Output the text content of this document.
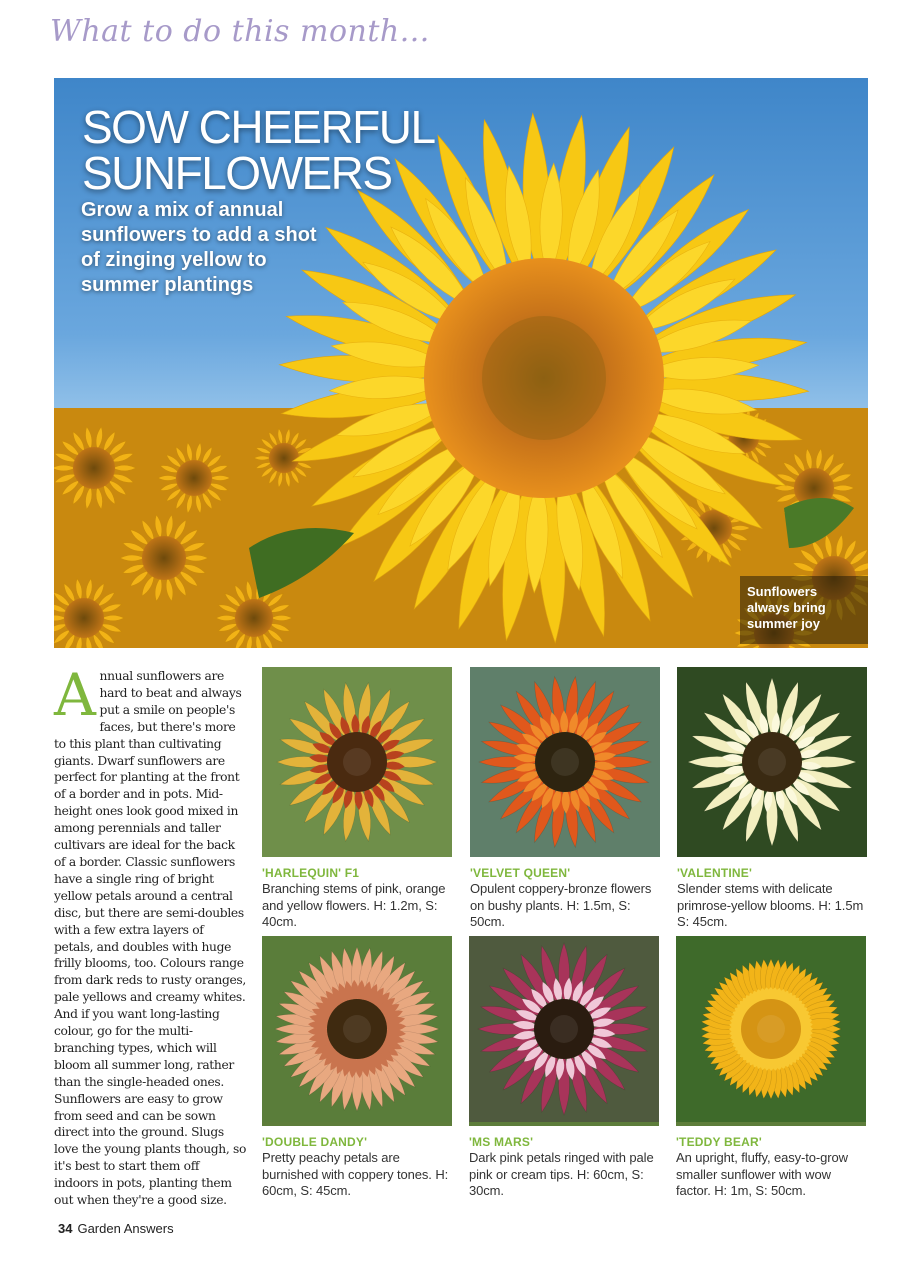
What to do this month...
SOW CHEERFUL SUNFLOWERS
Grow a mix of annual sunflowers to add a shot of zinging yellow to summer plantings
Sunflowers always bring summer joy
A nnual sunflowers are hard to beat and always put a smile on people's faces, but there's more to this plant than cultivating giants. Dwarf sunflowers are perfect for planting at the front of a border and in pots. Mid-height ones look good mixed in among perennials and taller cultivars are ideal for the back of a border. Classic sunflowers have a single ring of bright yellow petals around a central disc, but there are semi-doubles with a few extra layers of petals, and doubles with huge frilly blooms, too. Colours range from dark reds to rusty oranges, pale yellows and creamy whites. And if you want long-lasting colour, go for the multi-branching types, which will bloom all summer long, rather than the single-headed ones. Sunflowers are easy to grow from seed and can be sown direct into the ground. Slugs love the young plants though, so it's best to start them off indoors in pots, planting them out when they're a good size.
'HARLEQUIN' F1
Branching stems of pink, orange and yellow flowers. H: 1.2m, S: 40cm.
'VELVET QUEEN'
Opulent coppery-bronze flowers on bushy plants. H: 1.5m, S: 50cm.
'VALENTINE'
Slender stems with delicate primrose-yellow blooms. H: 1.5m S: 45cm.
'DOUBLE DANDY'
Pretty peachy petals are burnished with coppery tones. H: 60cm, S: 45cm.
'MS MARS'
Dark pink petals ringed with pale pink or cream tips. H: 60cm, S: 30cm.
'TEDDY BEAR'
An upright, fluffy, easy-to-grow smaller sunflower with wow factor. H: 1m, S: 50cm.
34 Garden Answers
